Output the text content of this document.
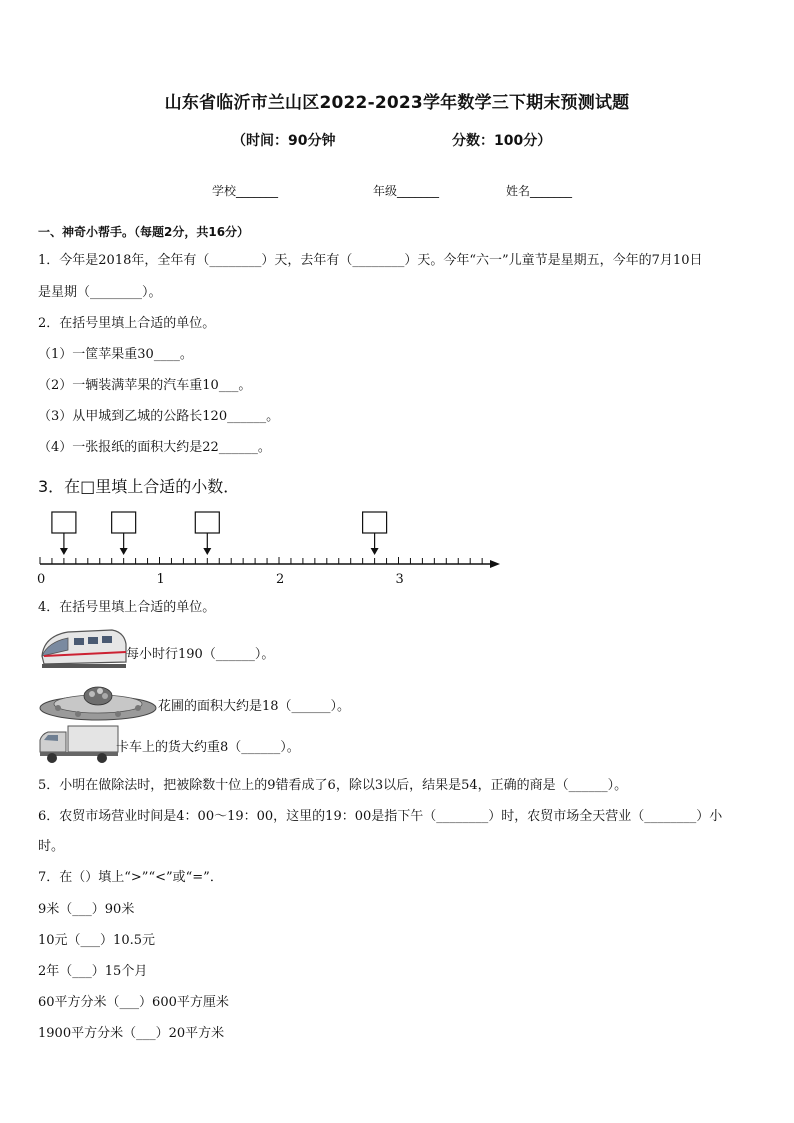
山东省临沂市兰山区2022-2023学年数学三下期末预测试题
（时间：90分钟	分数：100分）
学校_______	年级_______	姓名_______
一、神奇小帮手。（每题2分，共16分）
1．今年是2018年，全年有（________）天，去年有（________）天。今年“六一”儿童节是星期五，今年的7月10日
是星期（________）。
2．在括号里填上合适的单位。
（1）一筐苹果重30____。
（2）一辆装满苹果的汽车重10___。
（3）从甲城到乙城的公路长120______。
（4）一张报纸的面积大约是22______。
3．在□里填上合适的小数．
0	1	2	3
4．在括号里填上合适的单位。
每小时行190（______）。
花圃的面积大约是18（______）。
卡车上的货大约重8（______）。
5．小明在做除法时，把被除数十位上的9错看成了6，除以3以后，结果是54，正确的商是（______）。
6．农贸市场营业时间是4：00～19：00，这里的19：00是指下午（________）时，农贸市场全天营业（________）小
时。
7．在（）填上“>”“<”或“=”．
9米（___）90米
10元（___）10.5元
2年（___）15个月
60平方分米（___）600平方厘米
1900平方分米（___）20平方米
